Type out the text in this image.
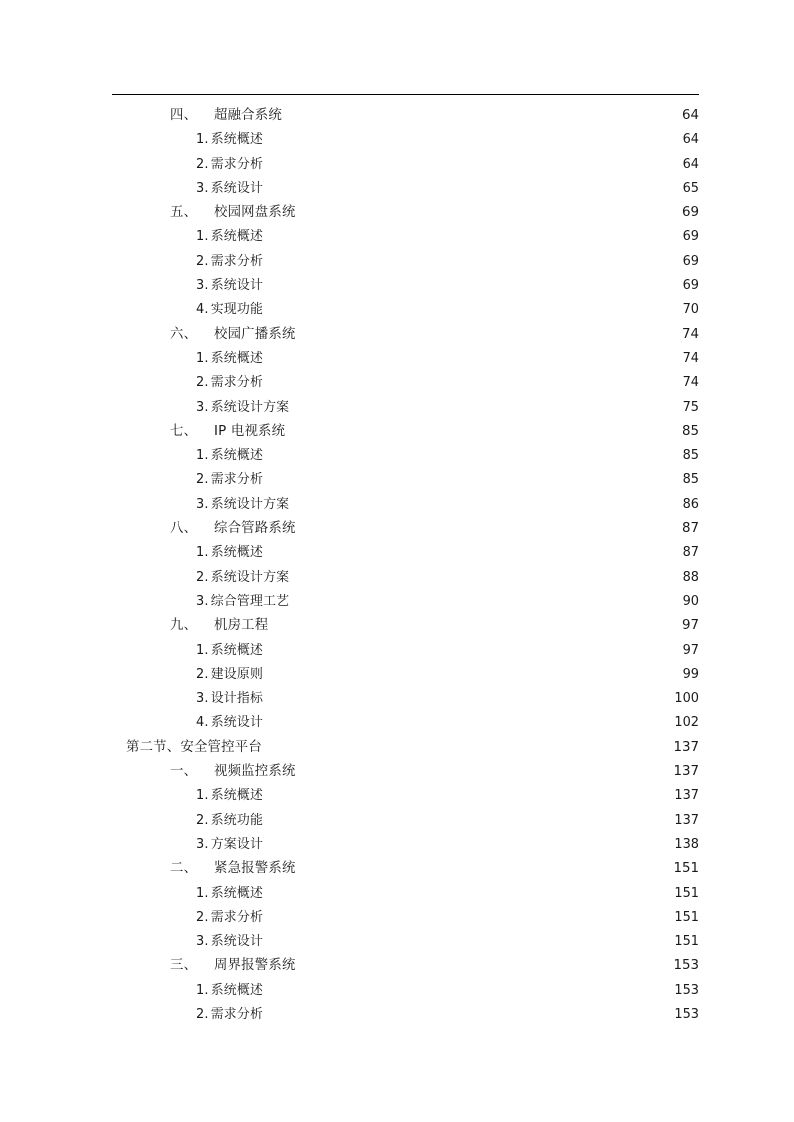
四、 超融合系统	64
1. 系统概述	64
2. 需求分析	64
3. 系统设计	65
五、 校园网盘系统	69
1. 系统概述	69
2. 需求分析	69
3. 系统设计	69
4. 实现功能	70
六、 校园广播系统	74
1. 系统概述	74
2. 需求分析	74
3. 系统设计方案	75
七、 IP 电视系统	85
1. 系统概述	85
2. 需求分析	85
3. 系统设计方案	86
八、 综合管路系统	87
1. 系统概述	87
2. 系统设计方案	88
3. 综合管理工艺	90
九、 机房工程	97
1. 系统概述	97
2. 建设原则	99
3. 设计指标	100
4. 系统设计	102
第二节、安全管控平台	137
一、 视频监控系统	137
1. 系统概述	137
2. 系统功能	137
3. 方案设计	138
二、 紧急报警系统	151
1. 系统概述	151
2. 需求分析	151
3. 系统设计	151
三、 周界报警系统	153
1. 系统概述	153
2. 需求分析	153
